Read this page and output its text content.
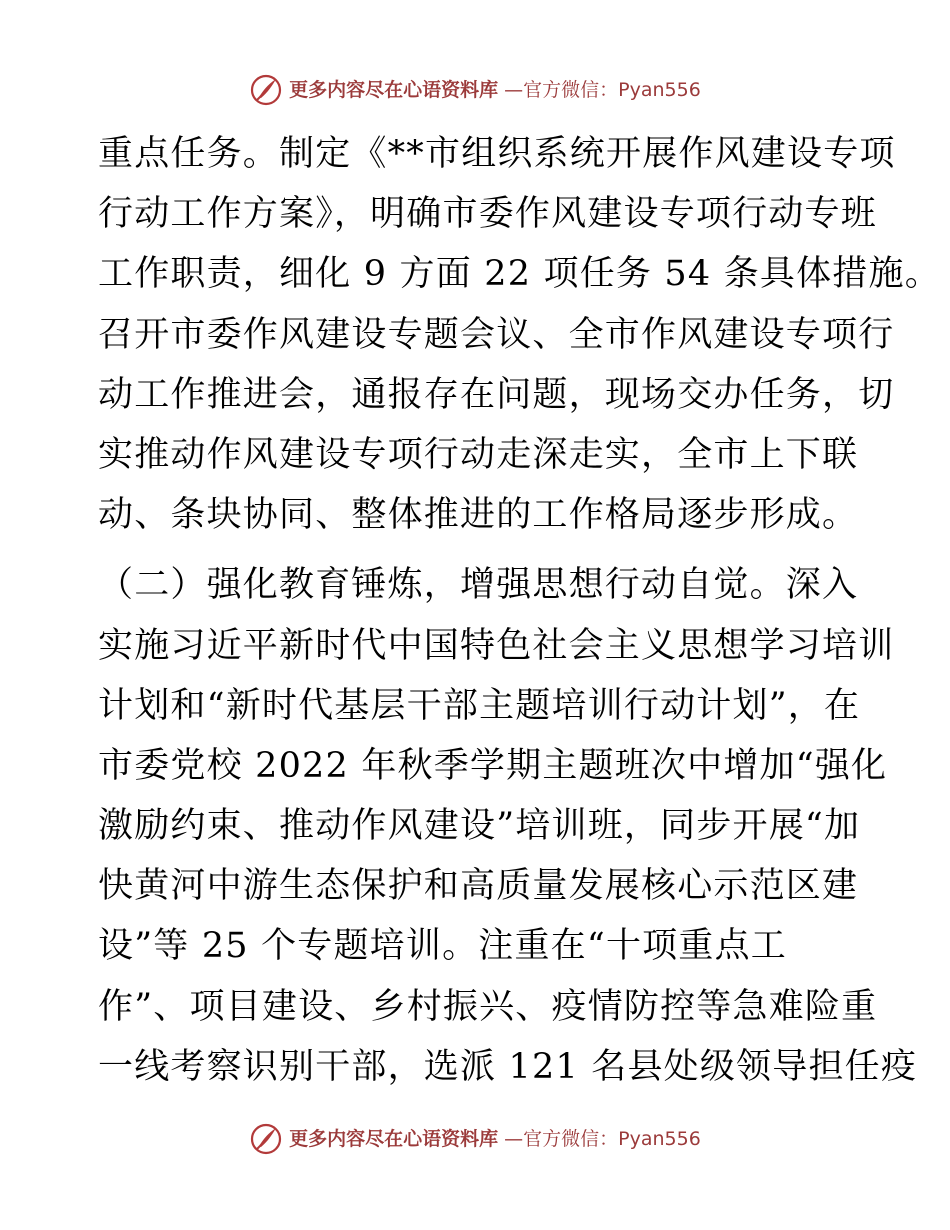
更多内容尽在心语资料库 —官方微信：Pyan556
重点任务。制定《**市组织系统开展作风建设专项
行动工作方案》，明确市委作风建设专项行动专班
工作职责，细化 9 方面 22 项任务 54 条具体措施。
召开市委作风建设专题会议、全市作风建设专项行
动工作推进会，通报存在问题，现场交办任务，切
实推动作风建设专项行动走深走实，全市上下联
动、条块协同、整体推进的工作格局逐步形成。
（二）强化教育锤炼，增强思想行动自觉。深入
实施习近平新时代中国特色社会主义思想学习培训
计划和“新时代基层干部主题培训行动计划”，在
市委党校 2022 年秋季学期主题班次中增加“强化
激励约束、推动作风建设”培训班，同步开展“加
快黄河中游生态保护和高质量发展核心示范区建
设”等 25 个专题培训。注重在“十项重点工
作”、项目建设、乡村振兴、疫情防控等急难险重
一线考察识别干部，选派 121 名县处级领导担任疫
更多内容尽在心语资料库 —官方微信：Pyan556
